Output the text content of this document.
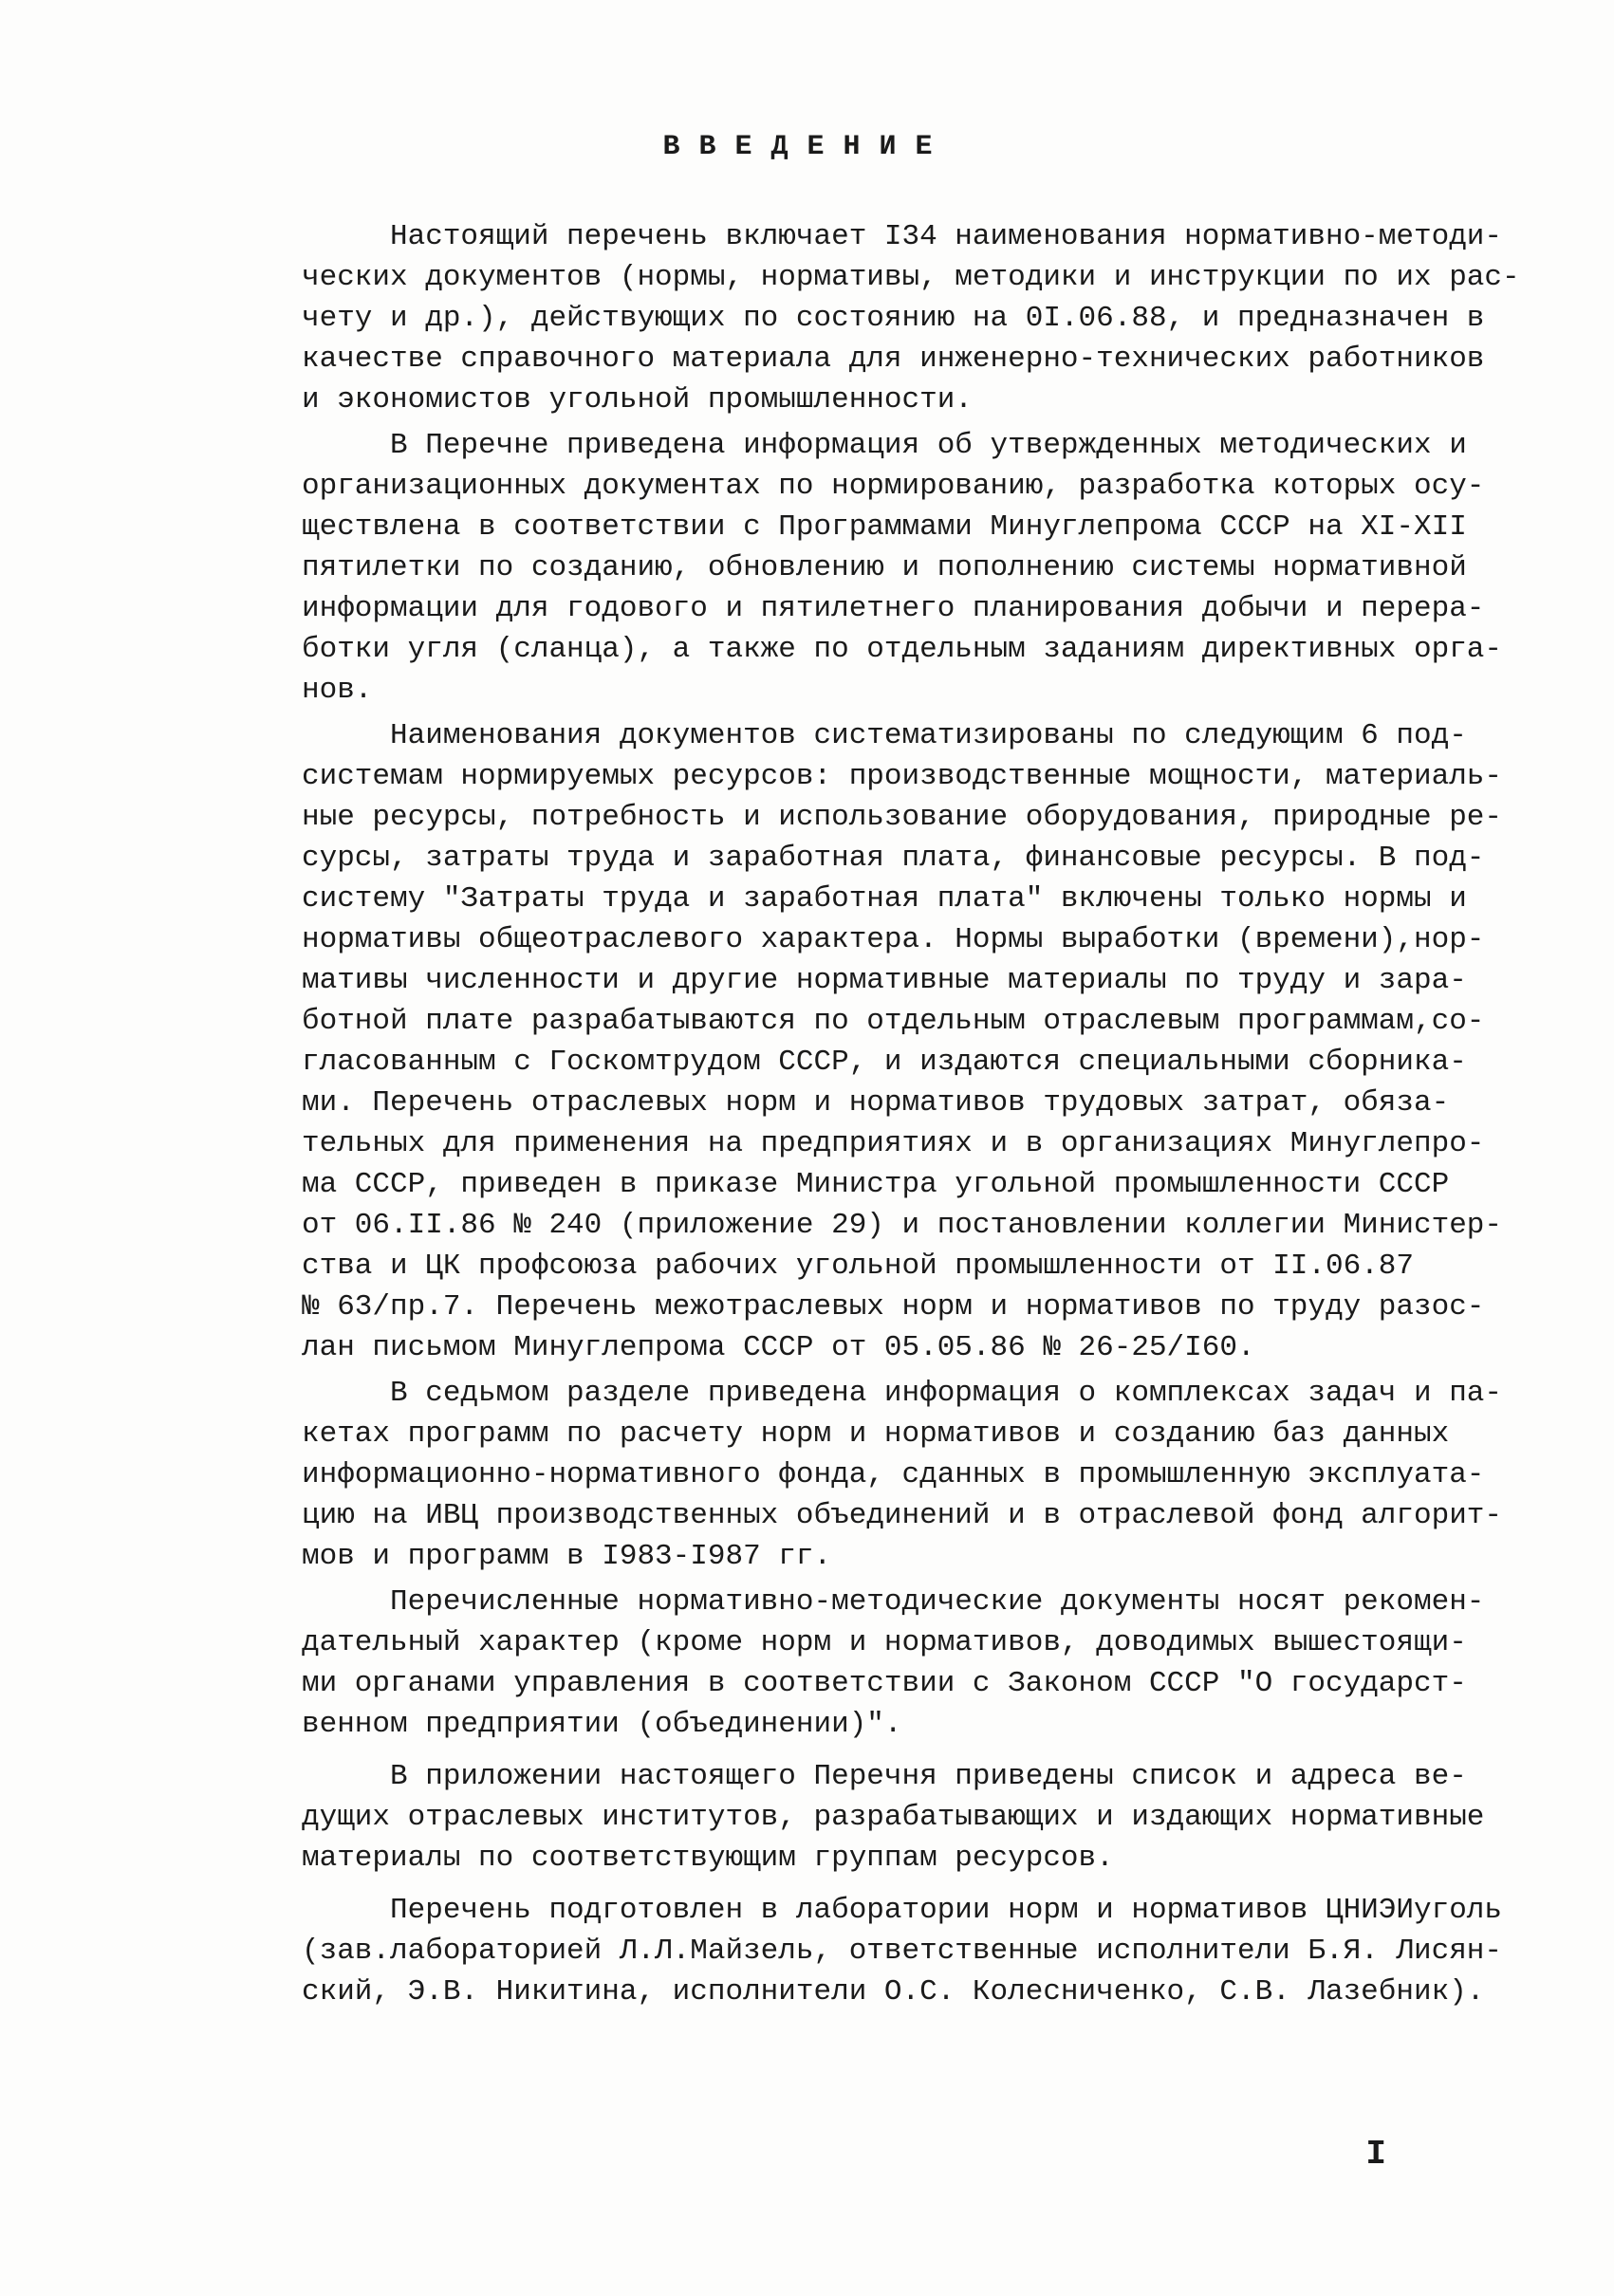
ВВЕДЕНИЕ

Настоящий перечень включает I34 наименования нормативно-методи-
ческих документов (нормы, нормативы, методики и инструкции по их рас-
чету и др.), действующих по состоянию на 0I.06.88, и предназначен в
качестве справочного материала для инженерно-технических работников
и экономистов угольной промышленности.

В Перечне приведена информация об утвержденных методических и
организационных документах по нормированию, разработка которых осу-
ществлена в соответствии с Программами Минуглепрома СССР на XI-XII
пятилетки по созданию, обновлению и пополнению системы нормативной
информации для годового и пятилетнего планирования добычи и перера-
ботки угля (сланца), а также по отдельным заданиям директивных орга-
нов.

Наименования документов систематизированы по следующим 6 под-
системам нормируемых ресурсов: производственные мощности, материаль-
ные ресурсы, потребность и использование оборудования, природные ре-
сурсы, затраты труда и заработная плата, финансовые ресурсы. В под-
систему "Затраты труда и заработная плата" включены только нормы и
нормативы общеотраслевого характера. Нормы выработки (времени),нор-
мативы численности и другие нормативные материалы по труду и зара-
ботной плате разрабатываются по отдельным отраслевым программам,со-
гласованным с Госкомтрудом СССР, и издаются специальными сборника-
ми. Перечень отраслевых норм и нормативов трудовых затрат, обяза-
тельных для применения на предприятиях и в организациях Минуглепро-
ма СССР, приведен в приказе Министра угольной промышленности СССР
от 06.II.86 № 240 (приложение 29) и постановлении коллегии Министер-
ства и ЦК профсоюза рабочих угольной промышленности от II.06.87
№ 63/пр.7. Перечень межотраслевых норм и нормативов по труду разос-
лан письмом Минуглепрома СССР от 05.05.86 № 26-25/I60.

В седьмом разделе приведена информация о комплексах задач и па-
кетах программ по расчету норм и нормативов и созданию баз данных
информационно-нормативного фонда, сданных в промышленную эксплуата-
цию на ИВЦ производственных объединений и в отраслевой фонд алгорит-
мов и программ в I983-I987 гг.

Перечисленные нормативно-методические документы носят рекомен-
дательный характер (кроме норм и нормативов, доводимых вышестоящи-
ми органами управления в соответствии с Законом СССР "О государст-
венном предприятии (объединении)".

В приложении настоящего Перечня приведены список и адреса ве-
дущих отраслевых институтов, разрабатывающих и издающих нормативные
материалы по соответствующим группам ресурсов.

Перечень подготовлен в лаборатории норм и нормативов ЦНИЭИуголь
(зав.лабораторией Л.Л.Майзель, ответственные исполнители Б.Я. Лисян-
ский, Э.В. Никитина, исполнители О.С. Колесниченко, С.В. Лазебник).

I
